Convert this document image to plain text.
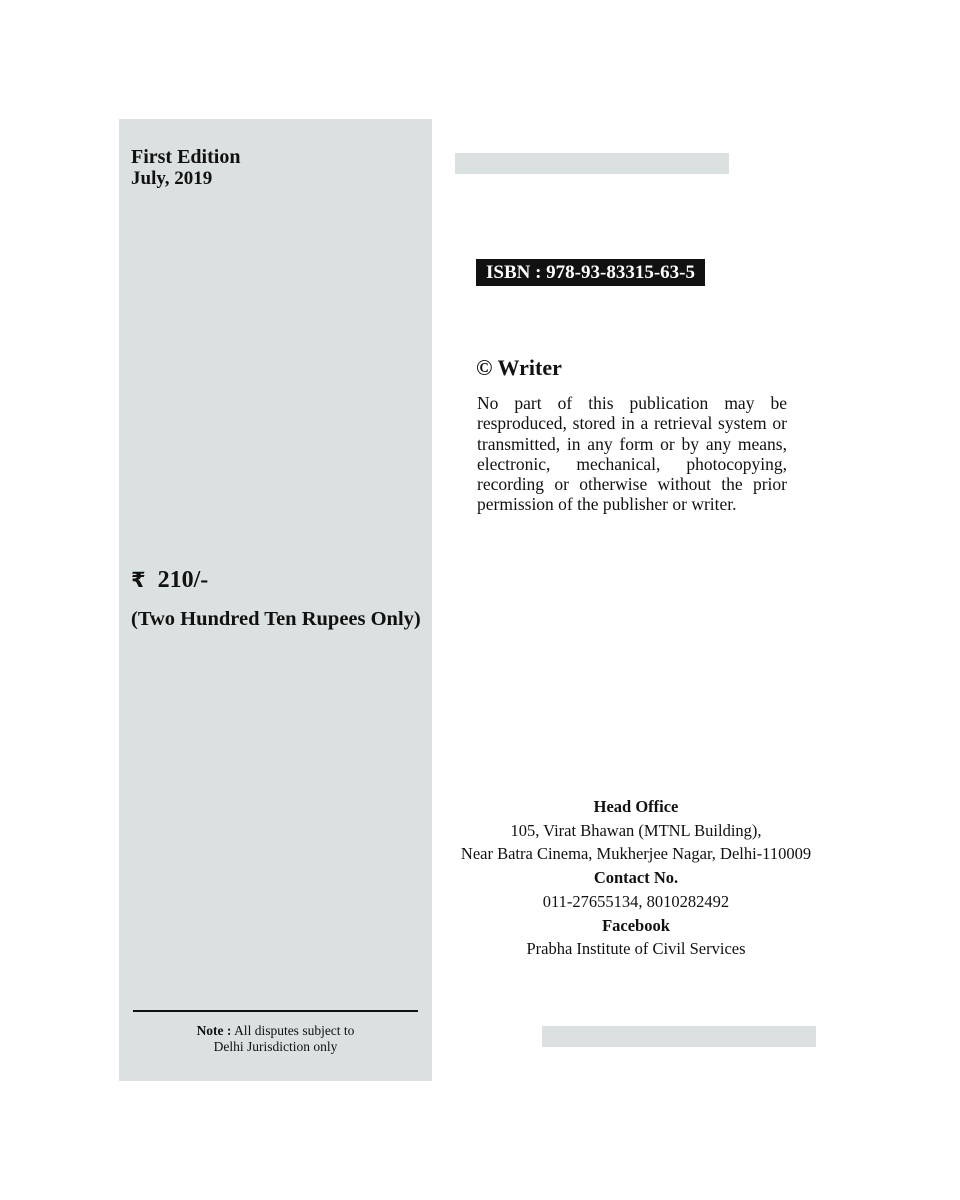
First Edition
July, 2019
₹ 210/-
(Two Hundred Ten Rupees Only)
Note : All disputes subject to
Delhi Jurisdiction only
ISBN : 978-93-83315-63-5
© Writer

No part of this publication may be resproduced, stored in a retrieval system or transmitted, in any form or by any means, electronic, mechanical, photocopying, recording or otherwise without the prior permission of the publisher or writer.

Head Office
105, Virat Bhawan (MTNL Building),
Near Batra Cinema, Mukherjee Nagar, Delhi-110009
Contact No.
011-27655134, 8010282492
Facebook
Prabha Institute of Civil Services
